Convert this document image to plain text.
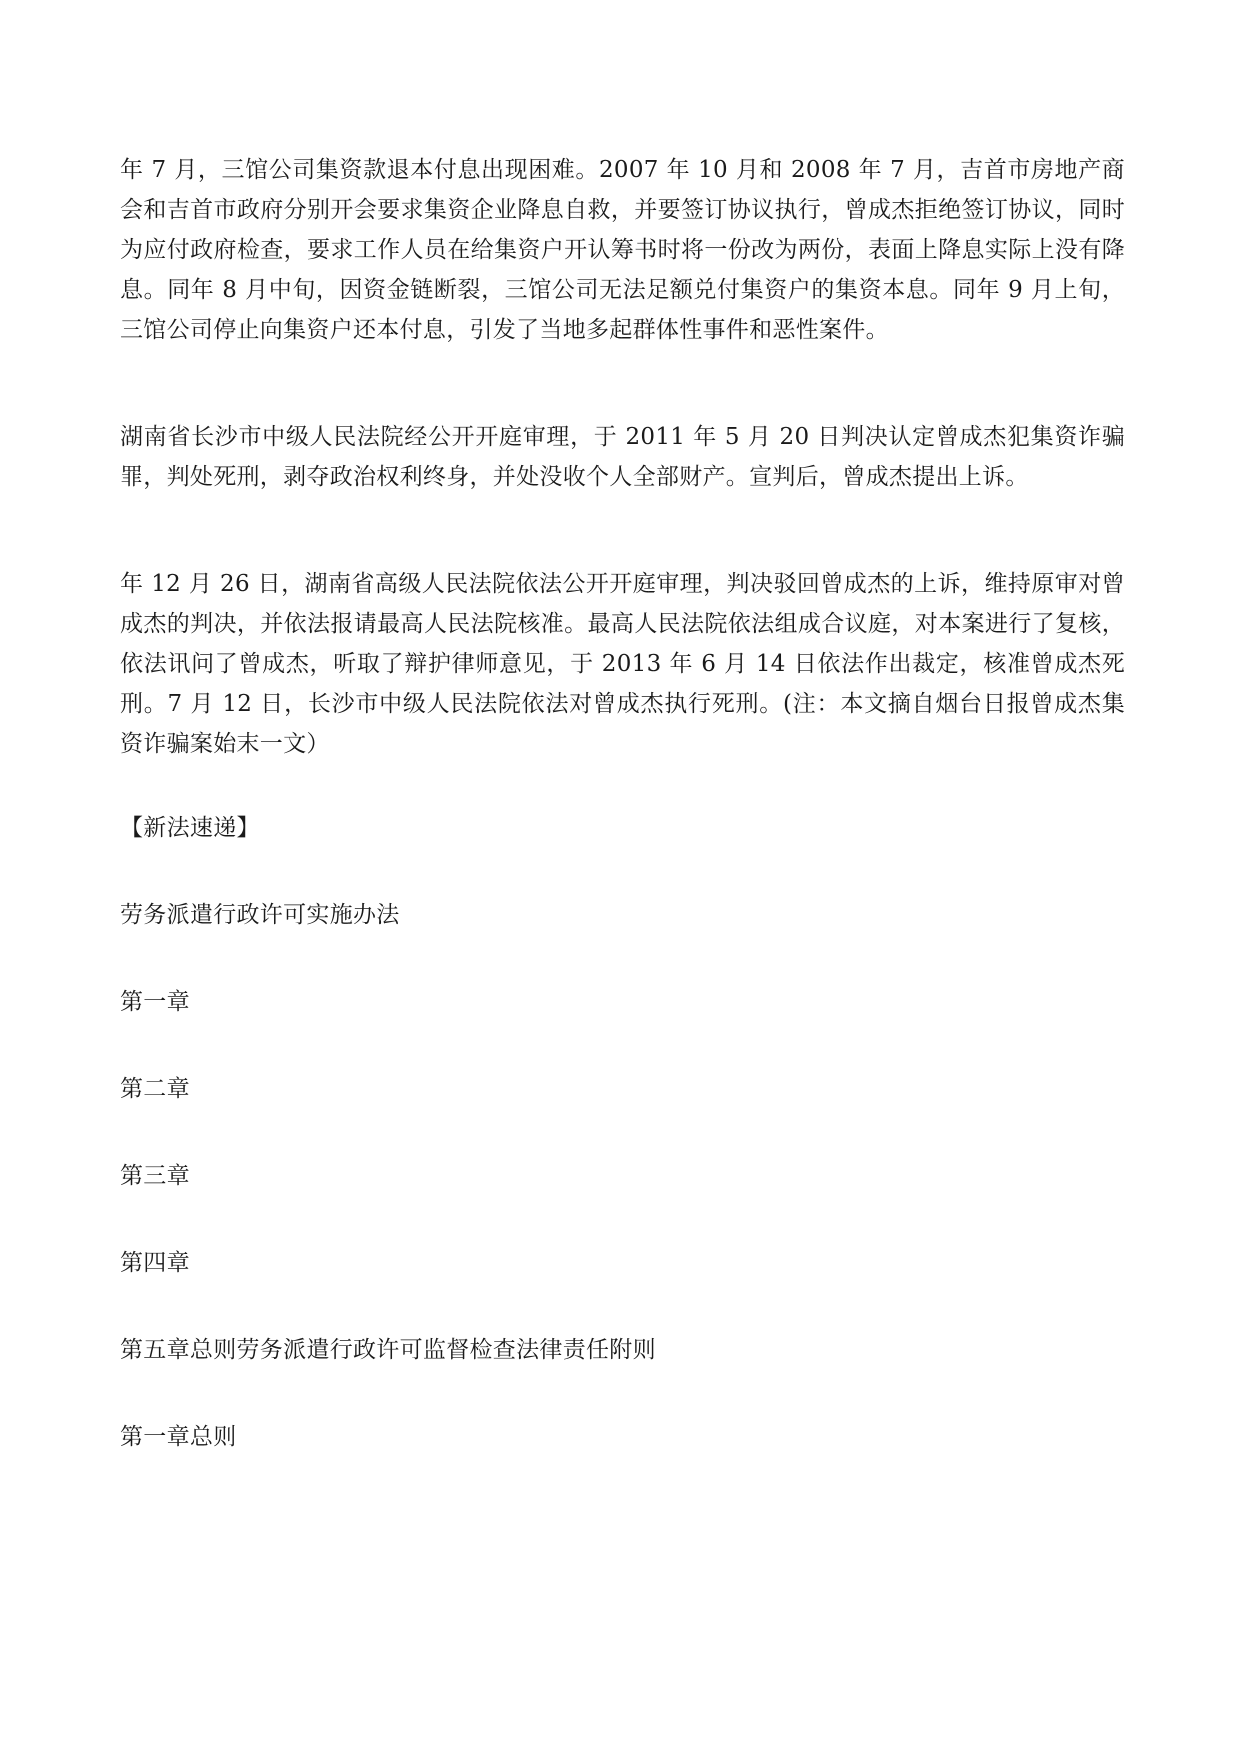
年 7 月，三馆公司集资款退本付息出现困难。2007 年 10 月和 2008 年 7 月，吉首市房地产商会和吉首市政府分别开会要求集资企业降息自救，并要签订协议执行，曾成杰拒绝签订协议，同时为应付政府检查，要求工作人员在给集资户开认筹书时将一份改为两份，表面上降息实际上没有降息。同年 8 月中旬，因资金链断裂，三馆公司无法足额兑付集资户的集资本息。同年 9 月上旬，三馆公司停止向集资户还本付息，引发了当地多起群体性事件和恶性案件。

湖南省长沙市中级人民法院经公开开庭审理，于 2011 年 5 月 20 日判决认定曾成杰犯集资诈骗罪，判处死刑，剥夺政治权利终身，并处没收个人全部财产。宣判后，曾成杰提出上诉。

年 12 月 26 日，湖南省高级人民法院依法公开开庭审理，判决驳回曾成杰的上诉，维持原审对曾成杰的判决，并依法报请最高人民法院核准。最高人民法院依法组成合议庭，对本案进行了复核，依法讯问了曾成杰，听取了辩护律师意见，于 2013 年 6 月 14 日依法作出裁定，核准曾成杰死刑。7 月 12 日，长沙市中级人民法院依法对曾成杰执行死刑。(注：本文摘自烟台日报曾成杰集资诈骗案始末一文）

【新法速递】
劳务派遣行政许可实施办法
第一章
第二章
第三章
第四章
第五章总则劳务派遣行政许可监督检查法律责任附则
第一章总则
